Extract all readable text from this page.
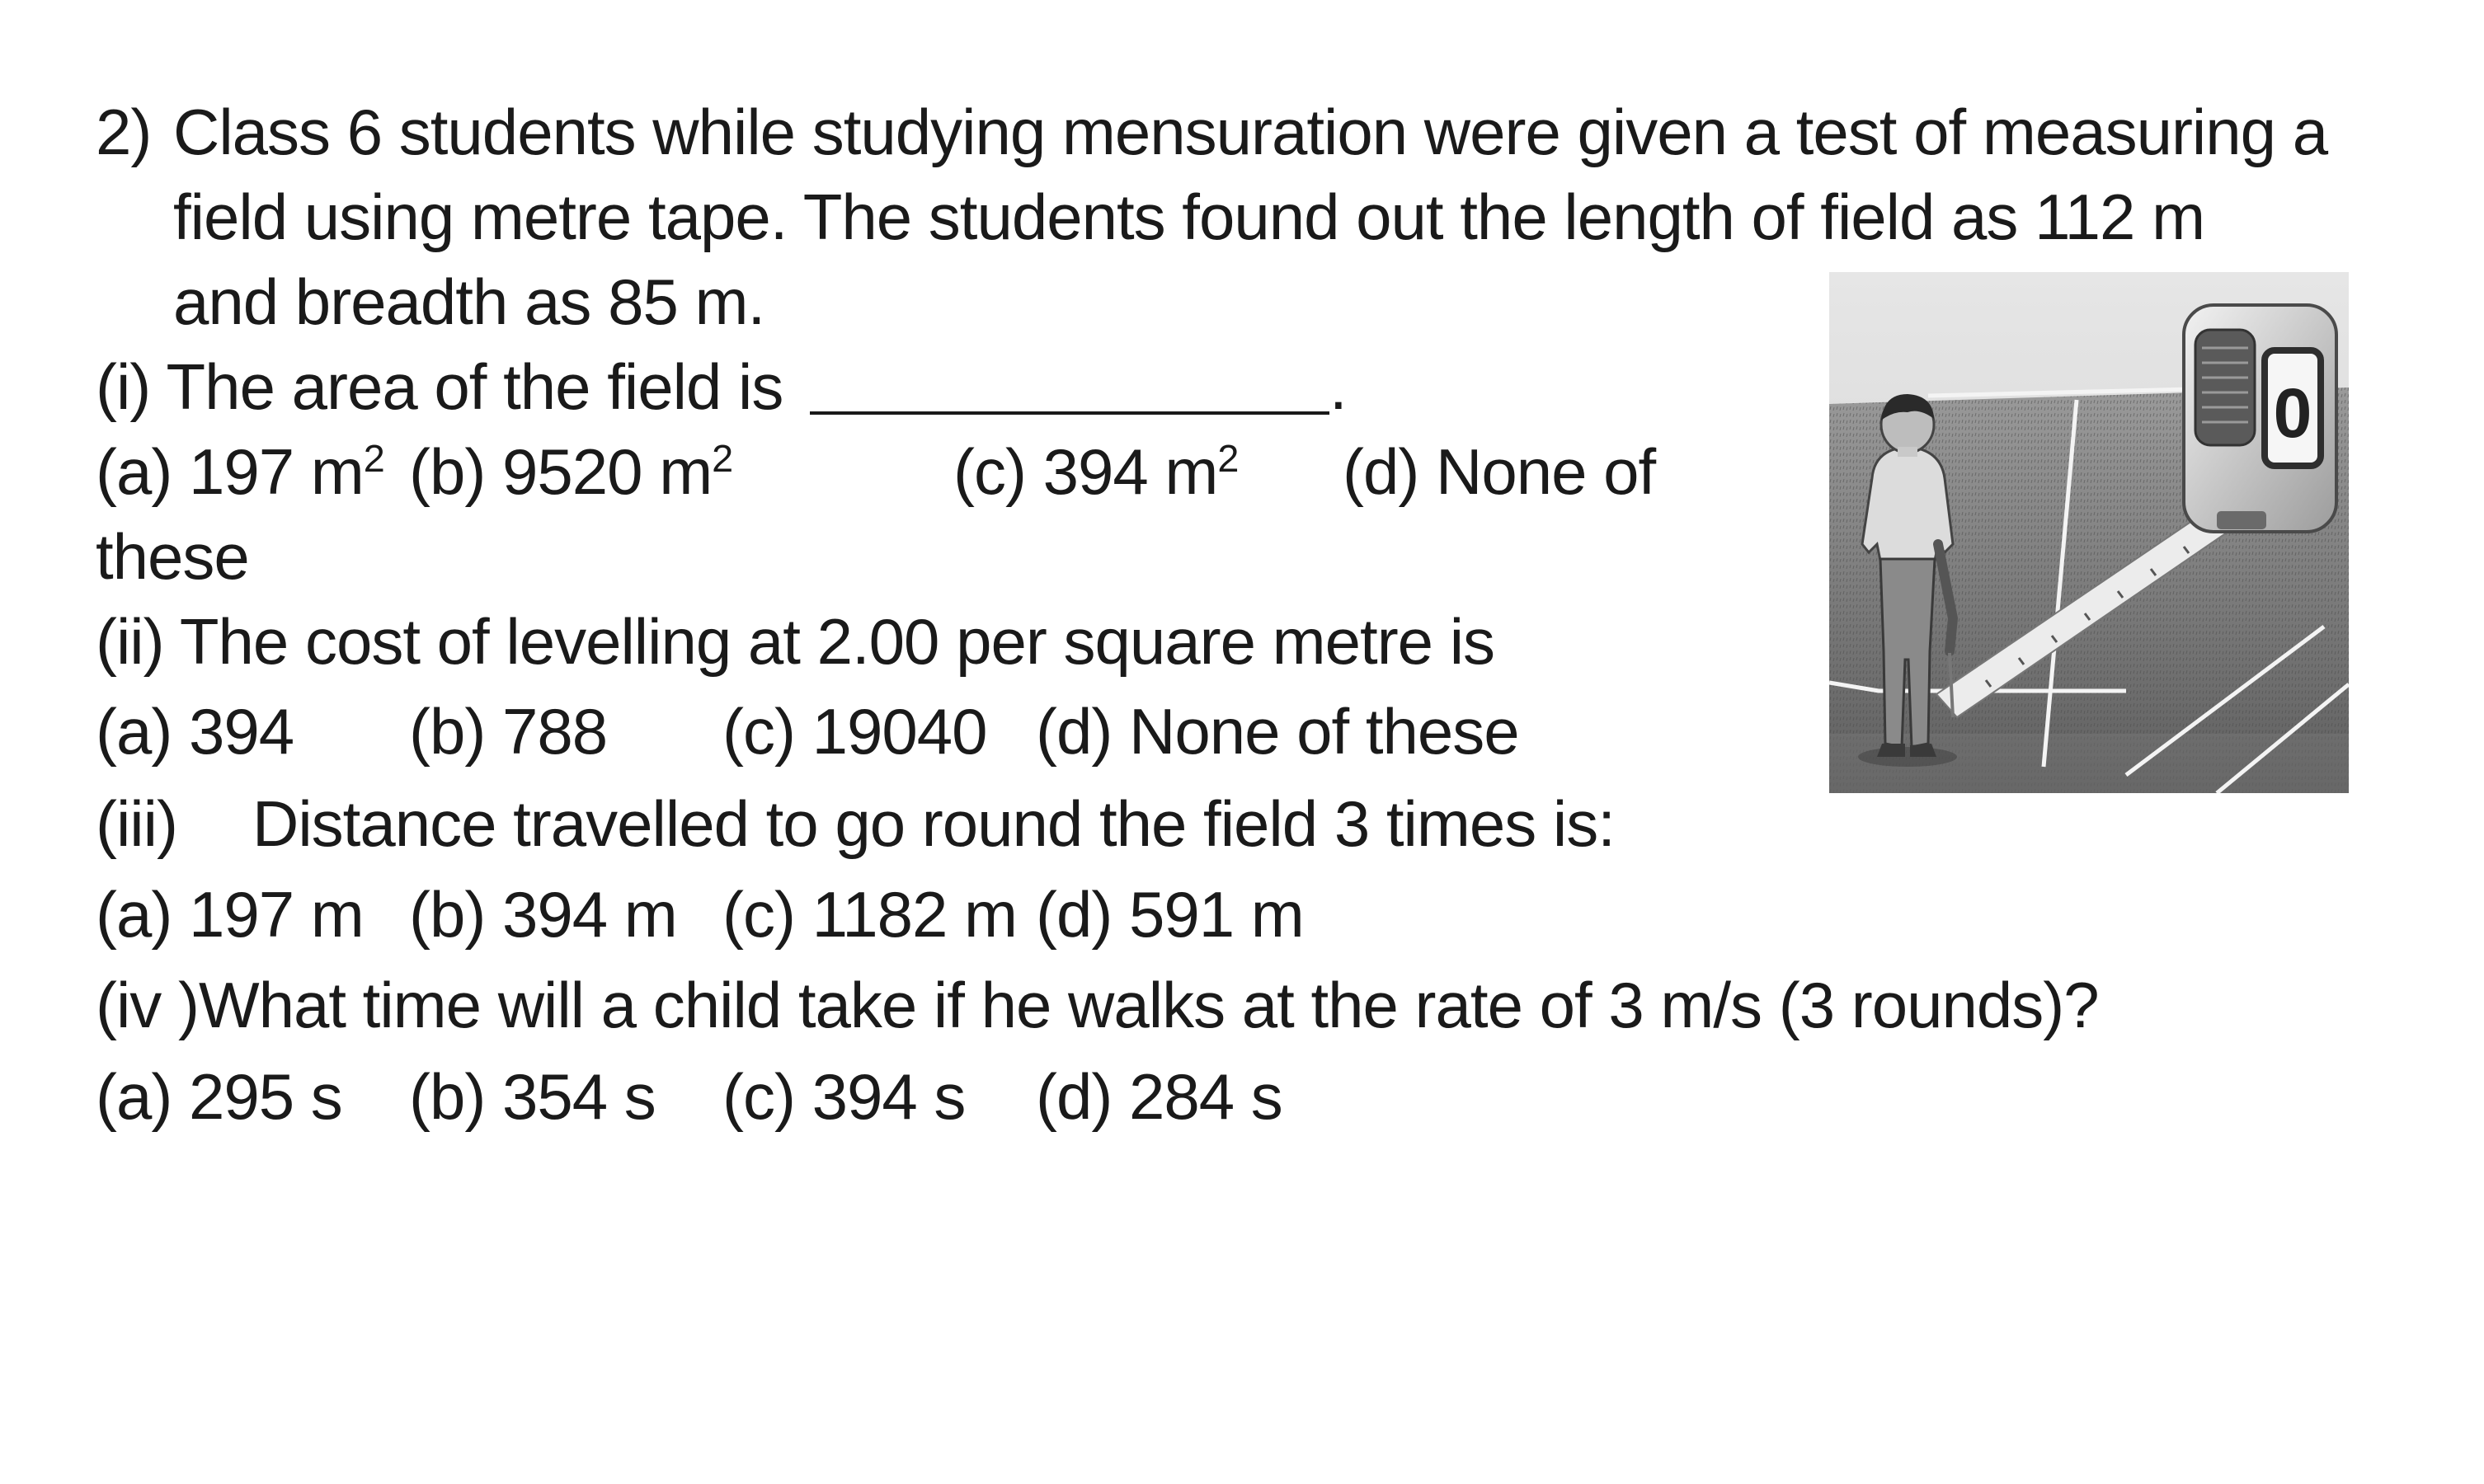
2) Class 6 students while studying mensuration were given a test of measuring a

field using metre tape. The students found out the length of field as 112 m

and breadth as 85 m.

(i) The area of the field is	.

(a) 197 $m^2$ (b) 9520 $m^2$	(c) 394 $m^2$ (d) None of

these

(ii) The cost of levelling at 2.00 per square metre is

(a) 394 (b) 788 (c) 19040 (d) None of these

(iii) Distance travelled to go round the field 3 times is:

(a) 197 m (b) 394 m (c) 1182 m (d) 591 m

(iv )What time will a child take if he walks at the rate of 3 m/s (3 rounds)?

(a) 295 s (b) 354 s (c) 394 s (d) 284 s

0
